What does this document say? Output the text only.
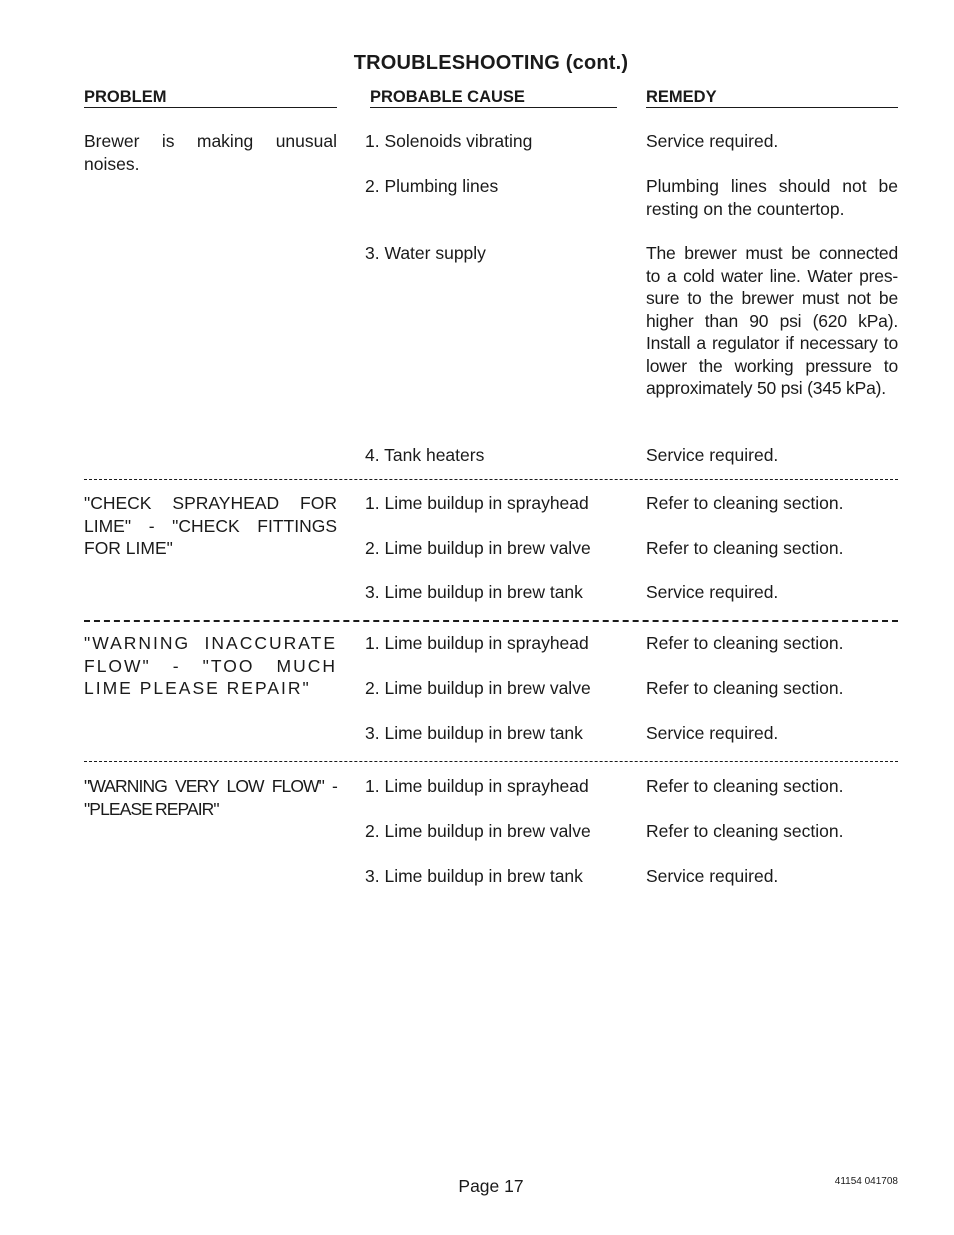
TROUBLESHOOTING (cont.)
PROBLEM	PROBABLE CAUSE	REMEDY
Brewer is making unusual noises.
1. Solenoids vibrating	Service required.
2. Plumbing lines	Plumbing lines should not be resting on the countertop.
3. Water supply	The brewer must be connected to a cold water line. Water pres-sure to the brewer must not be higher than 90 psi (620 kPa). Install a regulator if necessary to lower the working pressure to approximately 50 psi (345 kPa).
4. Tank heaters	Service required.
"CHECK SPRAYHEAD FOR LIME" - "CHECK FITTINGS FOR LIME"
1. Lime buildup in sprayhead	Refer to cleaning section.
2. Lime buildup in brew valve	Refer to cleaning section.
3. Lime buildup in brew tank	Service required.
"WARNING INACCURATE FLOW" - "TOO MUCH LIME PLEASE REPAIR"
1. Lime buildup in sprayhead	Refer to cleaning section.
2. Lime buildup in brew valve	Refer to cleaning section.
3. Lime buildup in brew tank	Service required.
"WARNING VERY LOW FLOW" - "PLEASE REPAIR"
1. Lime buildup in sprayhead	Refer to cleaning section.
2. Lime buildup in brew valve	Refer to cleaning section.
3. Lime buildup in brew tank	Service required.
Page 17	41154 041708
